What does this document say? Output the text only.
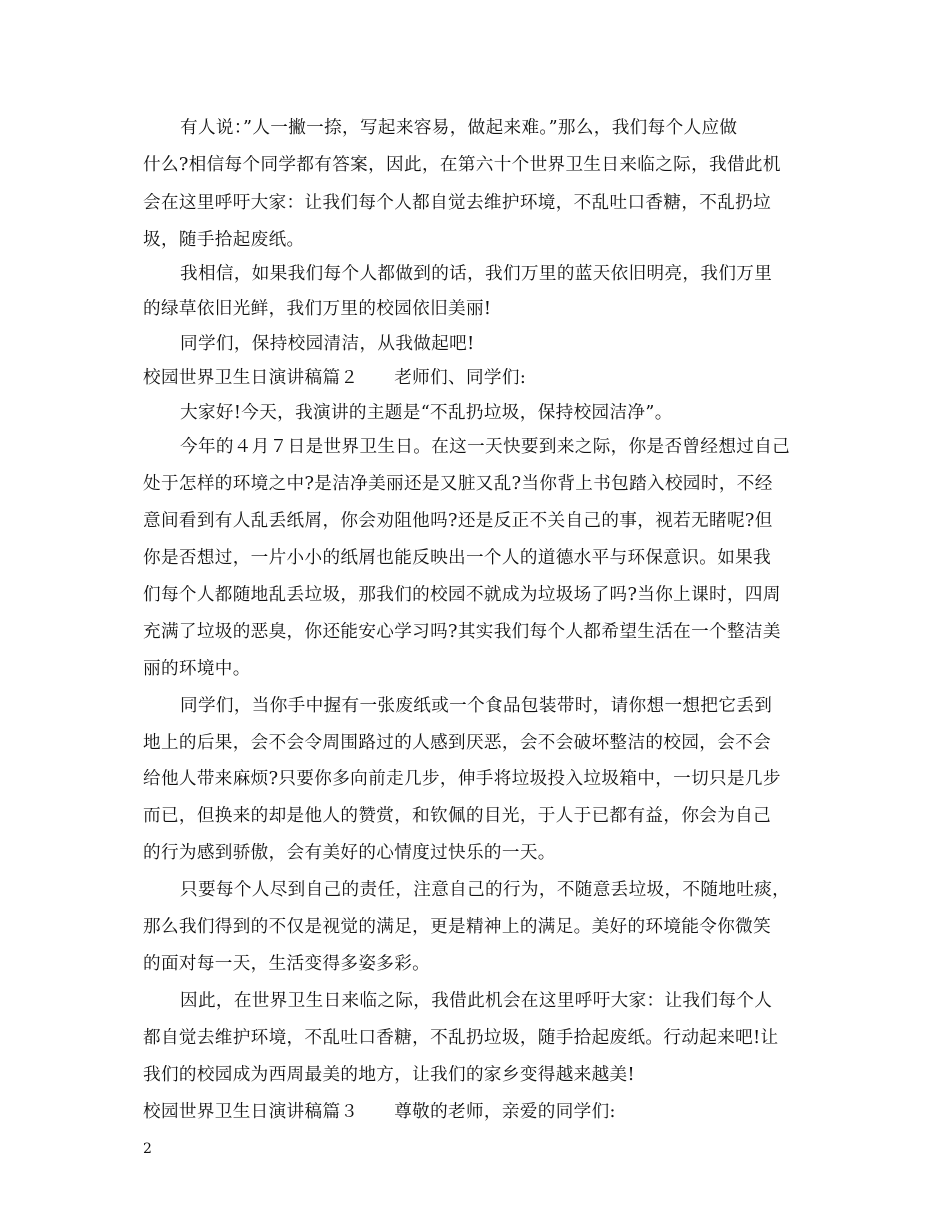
有人说：”人一撇一捺，写起来容易，做起来难。”那么，我们每个人应做
什么?相信每个同学都有答案，因此，在第六十个世界卫生日来临之际，我借此机
会在这里呼吁大家：让我们每个人都自觉去维护环境，不乱吐口香糖，不乱扔垃
圾，随手拾起废纸。
我相信，如果我们每个人都做到的话，我们万里的蓝天依旧明亮，我们万里
的绿草依旧光鲜，我们万里的校园依旧美丽!
同学们，保持校园清洁，从我做起吧!
校园世界卫生日演讲稿篇２　　老师们、同学们:
大家好!今天，我演讲的主题是“不乱扔垃圾，保持校园洁净”。
今年的４月７日是世界卫生日。在这一天快要到来之际，你是否曾经想过自己
处于怎样的环境之中?是洁净美丽还是又脏又乱?当你背上书包踏入校园时，不经
意间看到有人乱丢纸屑，你会劝阻他吗?还是反正不关自己的事，视若无睹呢?但
你是否想过，一片小小的纸屑也能反映出一个人的道德水平与环保意识。如果我
们每个人都随地乱丢垃圾，那我们的校园不就成为垃圾场了吗?当你上课时，四周
充满了垃圾的恶臭，你还能安心学习吗?其实我们每个人都希望生活在一个整洁美
丽的环境中。
同学们，当你手中握有一张废纸或一个食品包装带时，请你想一想把它丢到
地上的后果，会不会令周围路过的人感到厌恶，会不会破坏整洁的校园，会不会
给他人带来麻烦?只要你多向前走几步，伸手将垃圾投入垃圾箱中，一切只是几步
而已，但换来的却是他人的赞赏，和钦佩的目光，于人于已都有益，你会为自己
的行为感到骄傲，会有美好的心情度过快乐的一天。
只要每个人尽到自己的责任，注意自己的行为，不随意丢垃圾，不随地吐痰，
那么我们得到的不仅是视觉的满足，更是精神上的满足。美好的环境能令你微笑
的面对每一天，生活变得多姿多彩。
因此，在世界卫生日来临之际，我借此机会在这里呼吁大家：让我们每个人
都自觉去维护环境，不乱吐口香糖，不乱扔垃圾，随手拾起废纸。行动起来吧!让
我们的校园成为西周最美的地方，让我们的家乡变得越来越美!
校园世界卫生日演讲稿篇３　　尊敬的老师，亲爱的同学们:
2
